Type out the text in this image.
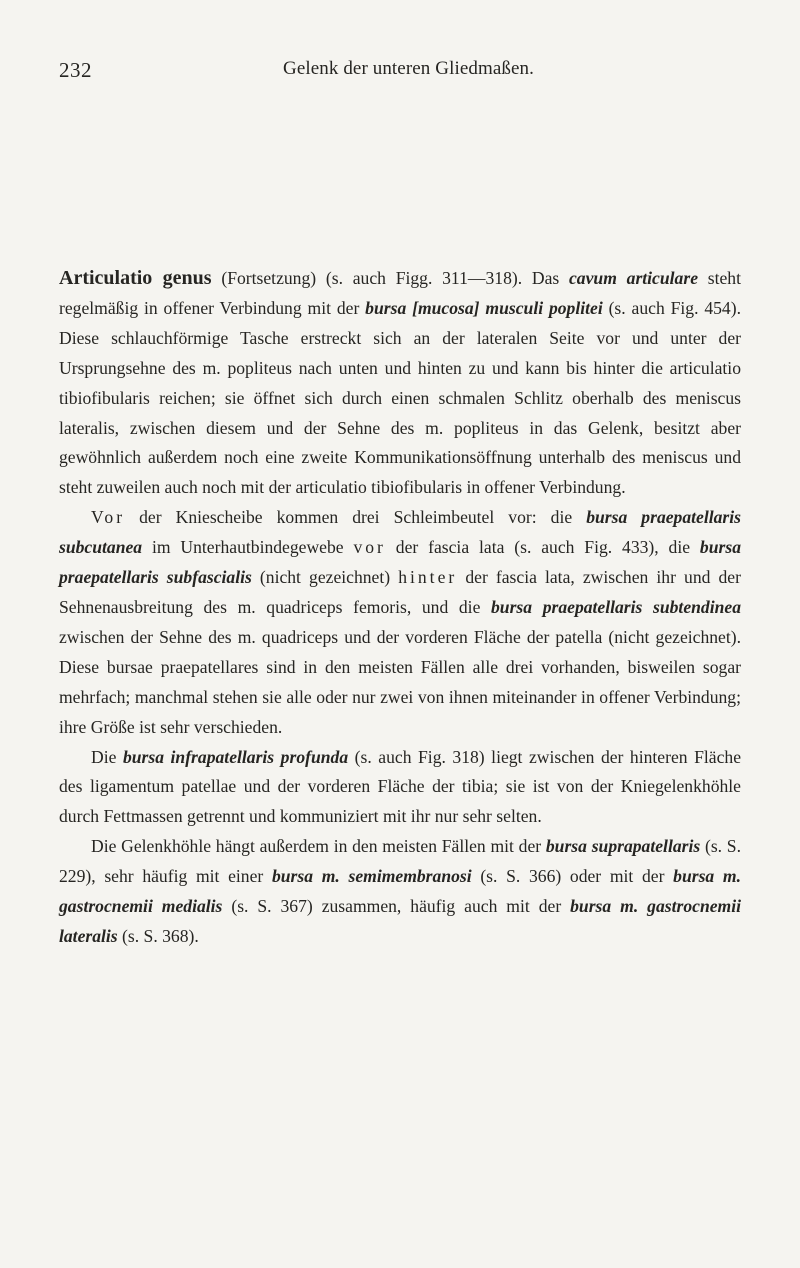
232	Gelenk der unteren Gliedmaßen.

Articulatio genus (Fortsetzung) (s. auch Figg. 311—318). Das cavum articulare steht regelmäßig in offener Verbindung mit der bursa [mucosa] musculi poplitei (s. auch Fig. 454). Diese schlauchförmige Tasche erstreckt sich an der lateralen Seite vor und unter der Ursprungsehne des m. popliteus nach unten und hinten zu und kann bis hinter die articulatio tibiofibularis reichen; sie öffnet sich durch einen schmalen Schlitz oberhalb des meniscus lateralis, zwischen diesem und der Sehne des m. popliteus in das Gelenk, besitzt aber gewöhnlich außerdem noch eine zweite Kommunikationsöffnung unterhalb des meniscus und steht zuweilen auch noch mit der articulatio tibiofibularis in offener Verbindung.

Vor der Kniescheibe kommen drei Schleimbeutel vor: die bursa praepatellaris subcutanea im Unterhautbindegewebe vor der fascia lata (s. auch Fig. 433), die bursa praepatellaris subfascialis (nicht gezeichnet) hinter der fascia lata, zwischen ihr und der Sehnenausbreitung des m. quadriceps femoris, und die bursa praepatellaris subtendinea zwischen der Sehne des m. quadriceps und der vorderen Fläche der patella (nicht gezeichnet). Diese bursae praepatellares sind in den meisten Fällen alle drei vorhanden, bisweilen sogar mehrfach; manchmal stehen sie alle oder nur zwei von ihnen miteinander in offener Verbindung; ihre Größe ist sehr verschieden.

Die bursa infrapatellaris profunda (s. auch Fig. 318) liegt zwischen der hinteren Fläche des ligamentum patellae und der vorderen Fläche der tibia; sie ist von der Kniegelenkhöhle durch Fettmassen getrennt und kommuniziert mit ihr nur sehr selten.

Die Gelenkhöhle hängt außerdem in den meisten Fällen mit der bursa suprapatellaris (s. S. 229), sehr häufig mit einer bursa m. semimembranosi (s. S. 366) oder mit der bursa m. gastrocnemii medialis (s. S. 367) zusammen, häufig auch mit der bursa m. gastrocnemii lateralis (s. S. 368).
